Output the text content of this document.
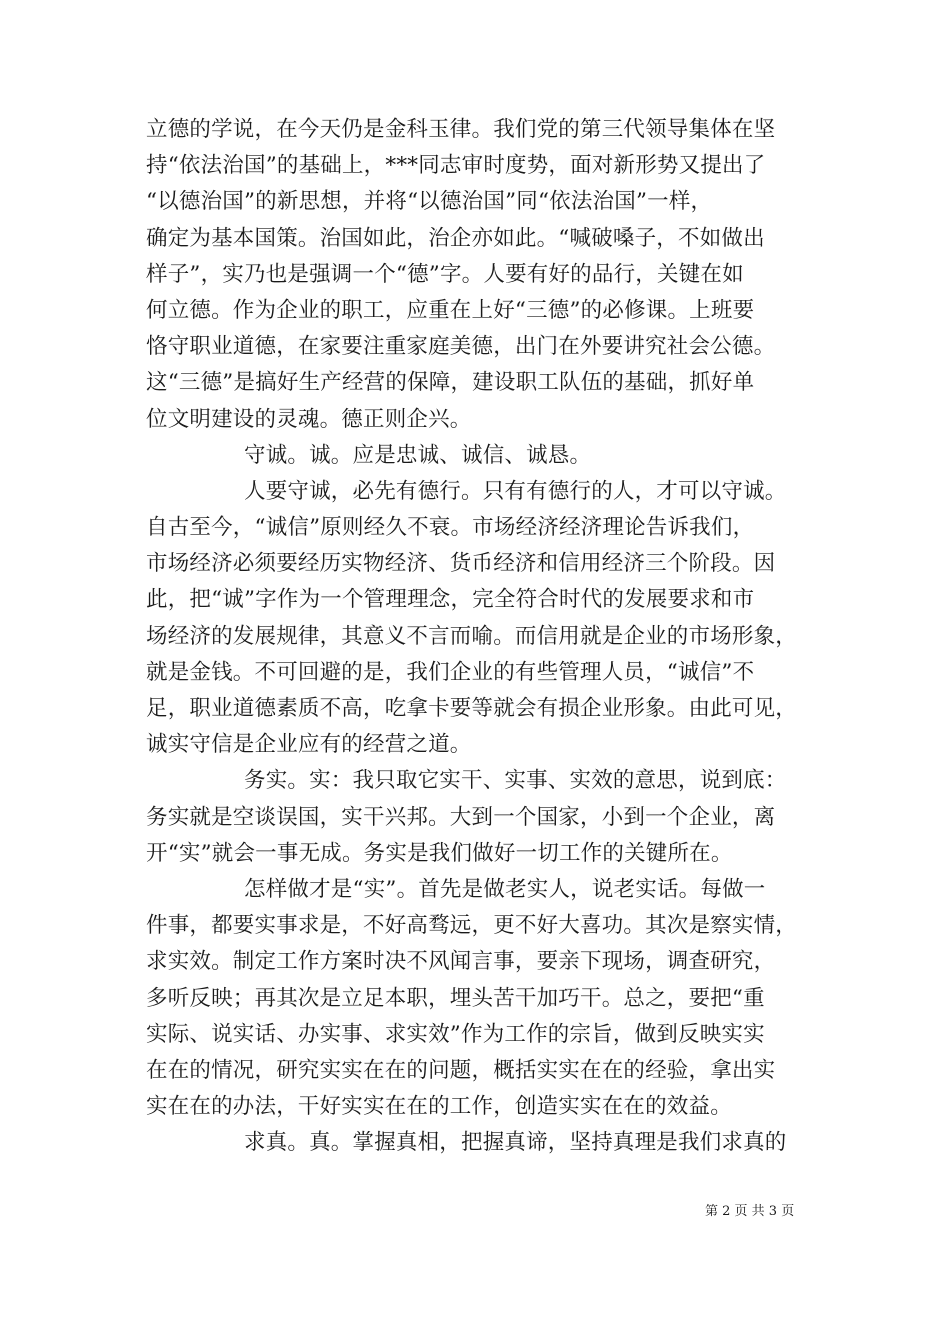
立德的学说，在今天仍是金科玉律。我们党的第三代领导集体在坚
持“依法治国”的基础上，***同志审时度势，面对新形势又提出了
“以德治国”的新思想，并将“以德治国”同“依法治国”一样，
确定为基本国策。治国如此，治企亦如此。“喊破嗓子，不如做出
样子”，实乃也是强调一个“德”字。人要有好的品行，关键在如
何立德。作为企业的职工，应重在上好“三德”的必修课。上班要
恪守职业道德，在家要注重家庭美德，出门在外要讲究社会公德。
这“三德”是搞好生产经营的保障，建设职工队伍的基础，抓好单
位文明建设的灵魂。德正则企兴。
守诚。诚。应是忠诚、诚信、诚恳。
人要守诚，必先有德行。只有有德行的人，才可以守诚。
自古至今，“诚信”原则经久不衰。市场经济经济理论告诉我们，
市场经济必须要经历实物经济、货币经济和信用经济三个阶段。因
此，把“诚”字作为一个管理理念，完全符合时代的发展要求和市
场经济的发展规律，其意义不言而喻。而信用就是企业的市场形象，
就是金钱。不可回避的是，我们企业的有些管理人员，“诚信”不
足，职业道德素质不高，吃拿卡要等就会有损企业形象。由此可见，
诚实守信是企业应有的经营之道。
务实。实：我只取它实干、实事、实效的意思，说到底：
务实就是空谈误国，实干兴邦。大到一个国家，小到一个企业，离
开“实”就会一事无成。务实是我们做好一切工作的关键所在。
怎样做才是“实”。首先是做老实人，说老实话。每做一
件事，都要实事求是，不好高骛远，更不好大喜功。其次是察实情，
求实效。制定工作方案时决不风闻言事，要亲下现场，调查研究，
多听反映；再其次是立足本职，埋头苦干加巧干。总之，要把“重
实际、说实话、办实事、求实效”作为工作的宗旨，做到反映实实
在在的情况，研究实实在在的问题，概括实实在在的经验，拿出实
实在在的办法，干好实实在在的工作，创造实实在在的效益。
求真。真。掌握真相，把握真谛，坚持真理是我们求真的
第 2 页 共 3 页
